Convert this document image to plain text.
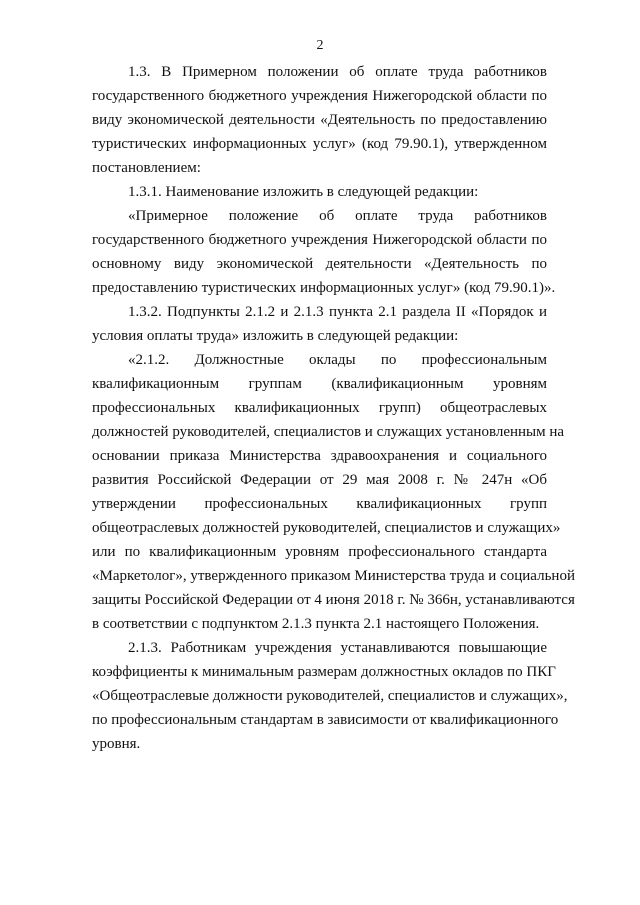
2
1.3. В Примерном положении об оплате труда работников
государственного бюджетного учреждения Нижегородской области по
виду экономической деятельности «Деятельность по предоставлению
туристических информационных услуг» (код 79.90.1), утвержденном
постановлением:
1.3.1. Наименование изложить в следующей редакции:
«Примерное положение об оплате труда работников
государственного бюджетного учреждения Нижегородской области по
основному виду экономической деятельности «Деятельность по
предоставлению туристических информационных услуг» (код 79.90.1)».
1.3.2. Подпункты 2.1.2 и 2.1.3 пункта 2.1 раздела II «Порядок и
условия оплаты труда» изложить в следующей редакции:
«2.1.2. Должностные оклады по профессиональным
квалификационным группам (квалификационным уровням
профессиональных квалификационных групп) общеотраслевых
должностей руководителей, специалистов и служащих установленным на
основании приказа Министерства здравоохранения и социального
развития Российской Федерации от 29 мая 2008 г. № 247н «Об
утверждении профессиональных квалификационных групп
общеотраслевых должностей руководителей, специалистов и служащих»
или по квалификационным уровням профессионального стандарта
«Маркетолог», утвержденного приказом Министерства труда и социальной
защиты Российской Федерации от 4 июня 2018 г. № 366н, устанавливаются
в соответствии с подпунктом 2.1.3 пункта 2.1 настоящего Положения.
2.1.3. Работникам учреждения устанавливаются повышающие
коэффициенты к минимальным размерам должностных окладов по ПКГ
«Общеотраслевые должности руководителей, специалистов и служащих»,
по профессиональным стандартам в зависимости от квалификационного
уровня.
